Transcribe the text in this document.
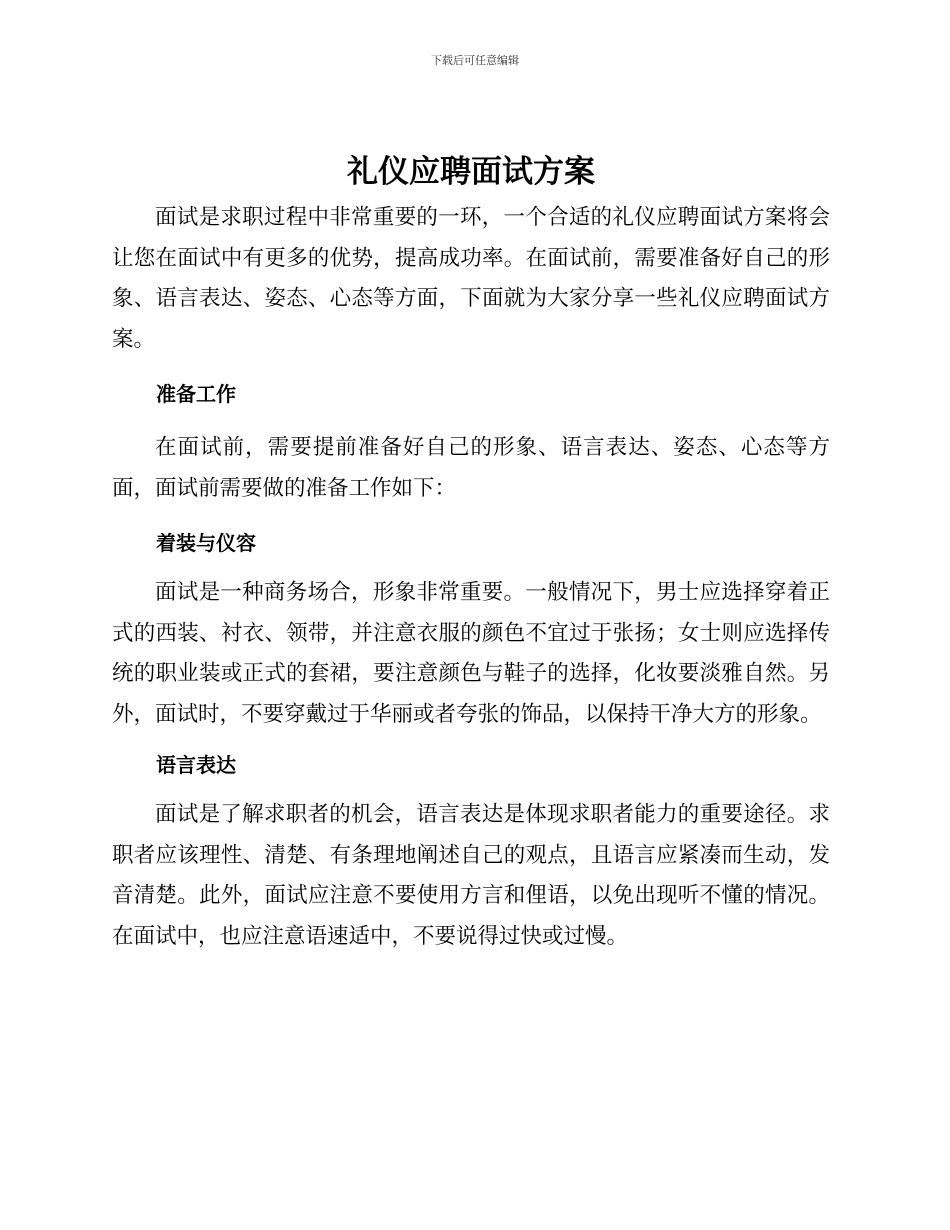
下载后可任意编辑
礼仪应聘面试方案

面试是求职过程中非常重要的一环，一个合适的礼仪应聘面试方案将会让您在面试中有更多的优势，提高成功率。在面试前，需要准备好自己的形象、语言表达、姿态、心态等方面，下面就为大家分享一些礼仪应聘面试方案。

准备工作

在面试前，需要提前准备好自己的形象、语言表达、姿态、心态等方面，面试前需要做的准备工作如下：

着装与仪容

面试是一种商务场合，形象非常重要。一般情况下，男士应选择穿着正式的西装、衬衣、领带，并注意衣服的颜色不宜过于张扬；女士则应选择传统的职业装或正式的套裙，要注意颜色与鞋子的选择，化妆要淡雅自然。另外，面试时，不要穿戴过于华丽或者夸张的饰品，以保持干净大方的形象。

语言表达

面试是了解求职者的机会，语言表达是体现求职者能力的重要途径。求职者应该理性、清楚、有条理地阐述自己的观点，且语言应紧凑而生动，发音清楚。此外，面试应注意不要使用方言和俚语，以免出现听不懂的情况。在面试中，也应注意语速适中，不要说得过快或过慢。
